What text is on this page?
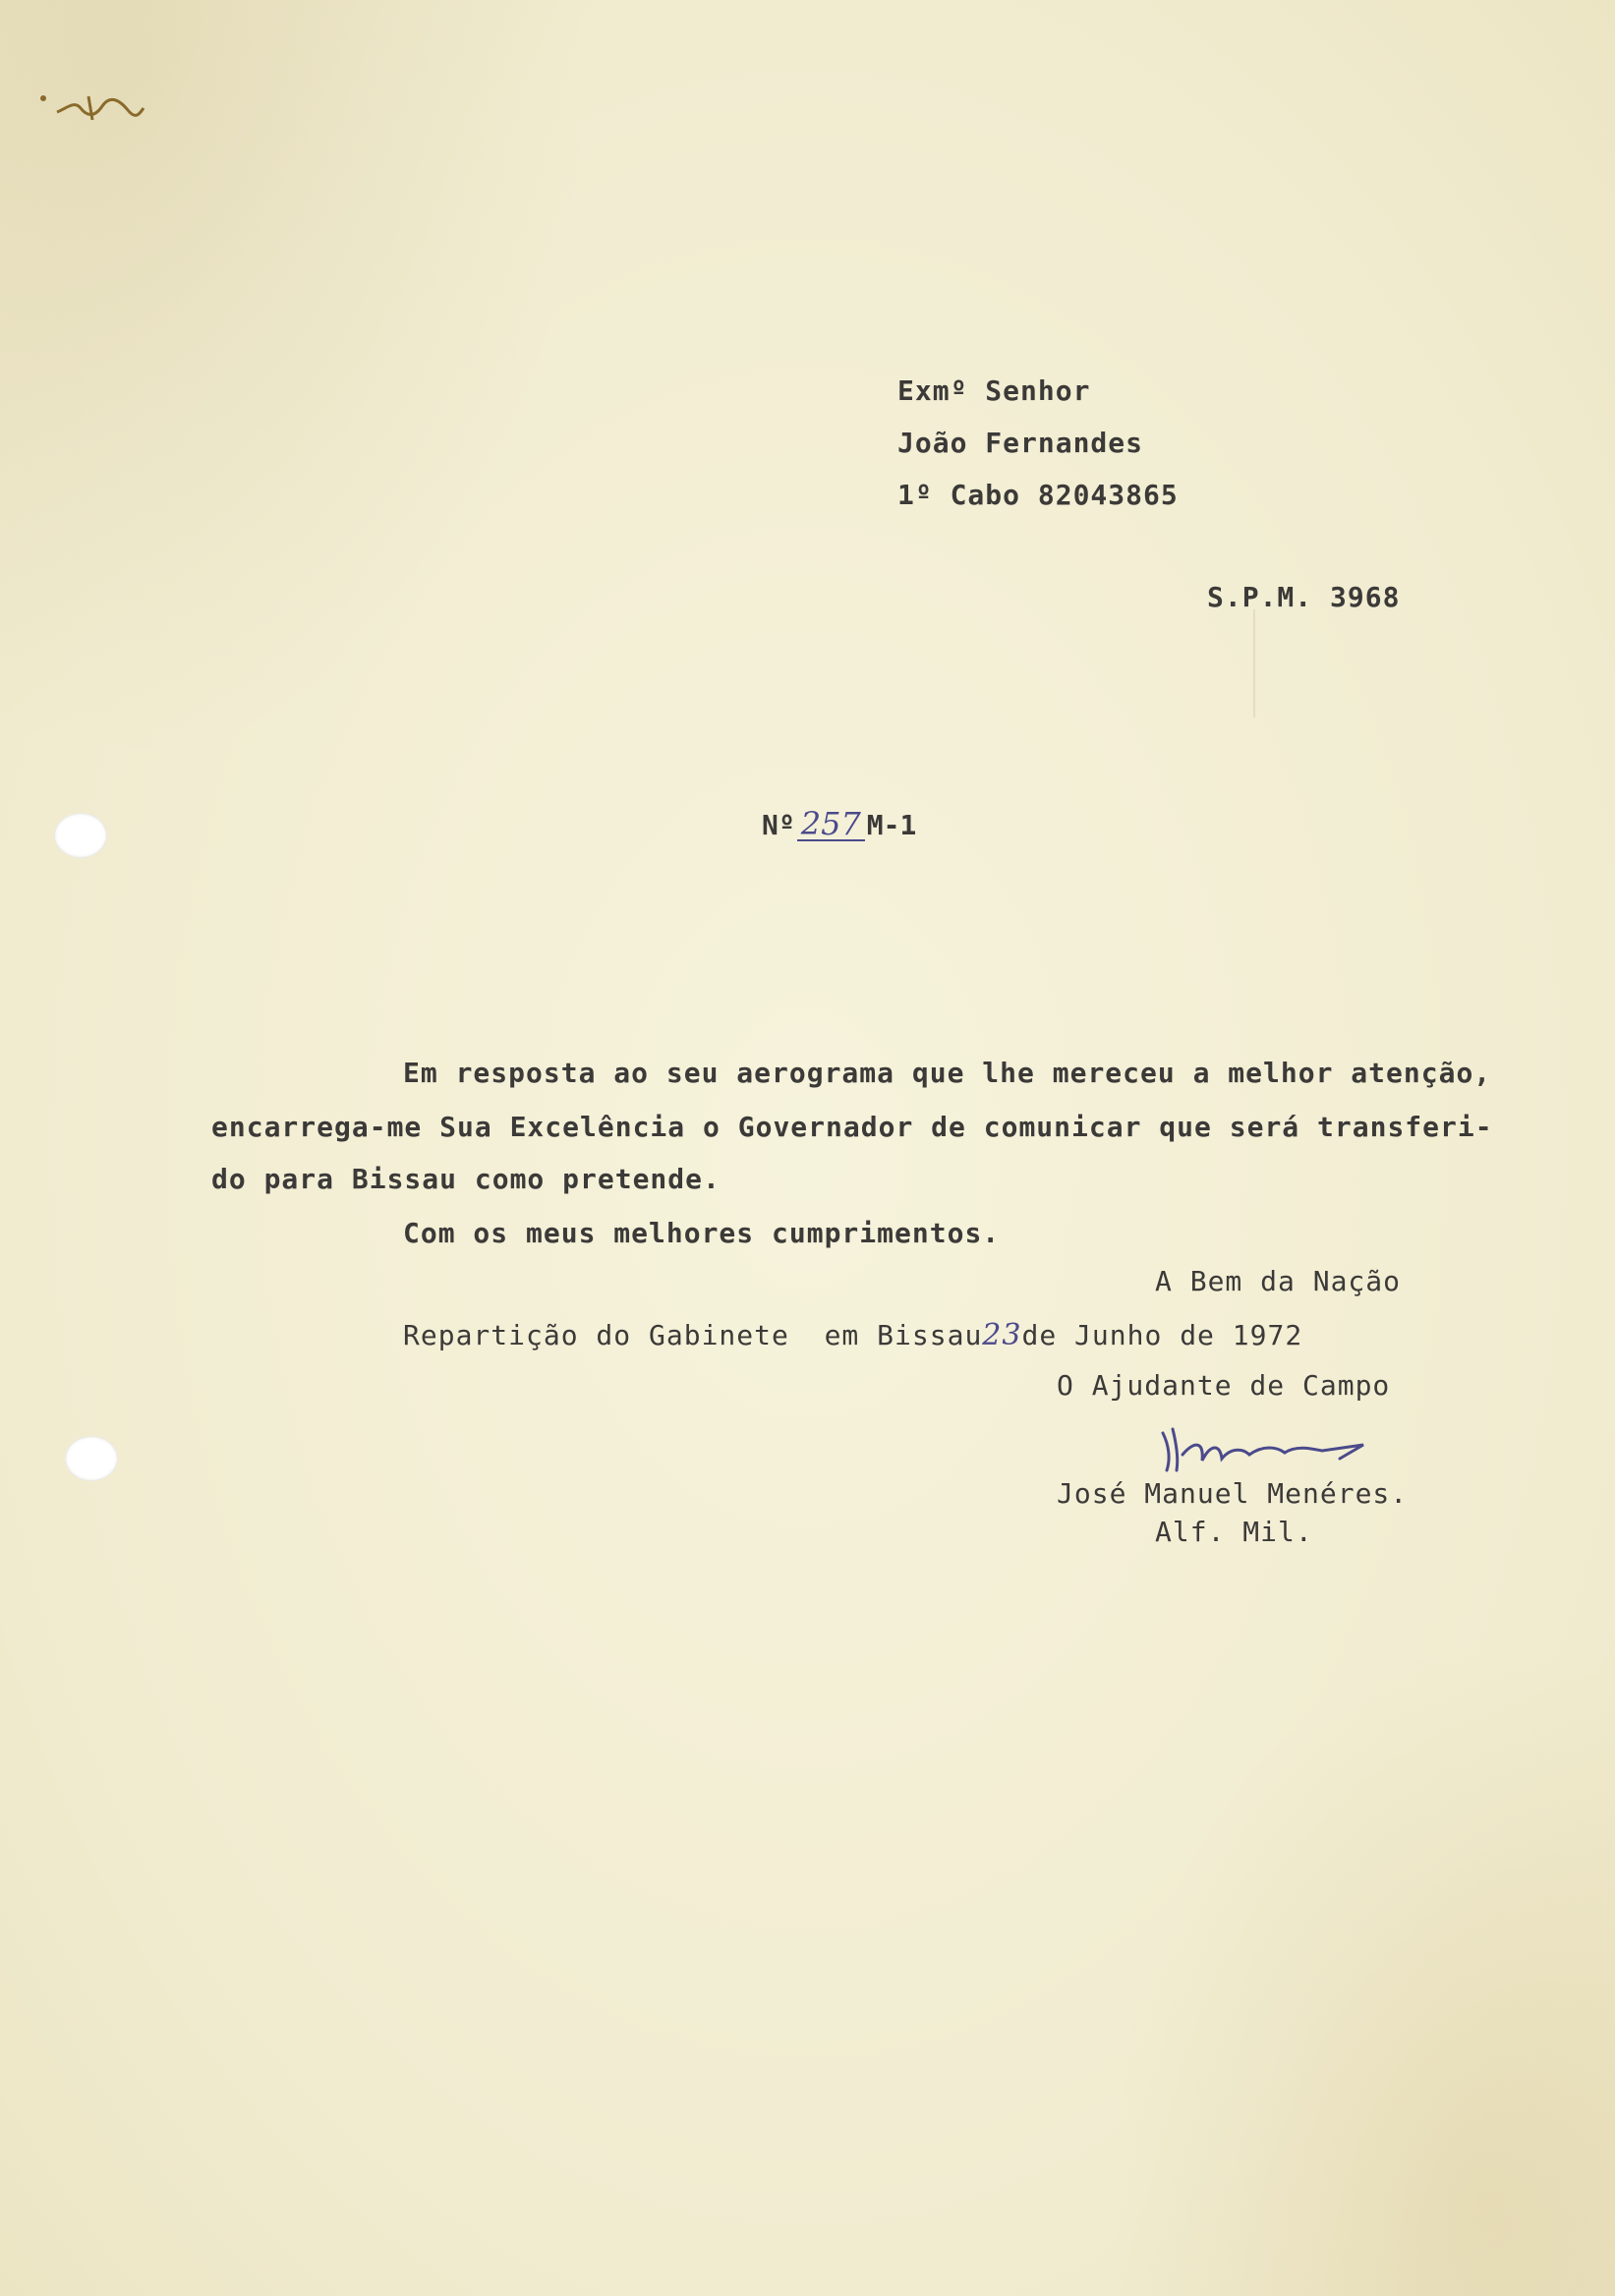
Exmº Senhor
João Fernandes
1º Cabo 82043865
S.P.M. 3968
Nº 257 M-1
Em resposta ao seu aerograma que lhe mereceu a melhor atenção,
encarrega-me Sua Excelência o Governador de comunicar que será transferi-
do para Bissau como pretende.
Com os meus melhores cumprimentos.
A Bem da Nação
Repartição do Gabinete  em Bissau23de Junho de 1972
O Ajudante de Campo
José Manuel Menéres.
Alf. Mil.
